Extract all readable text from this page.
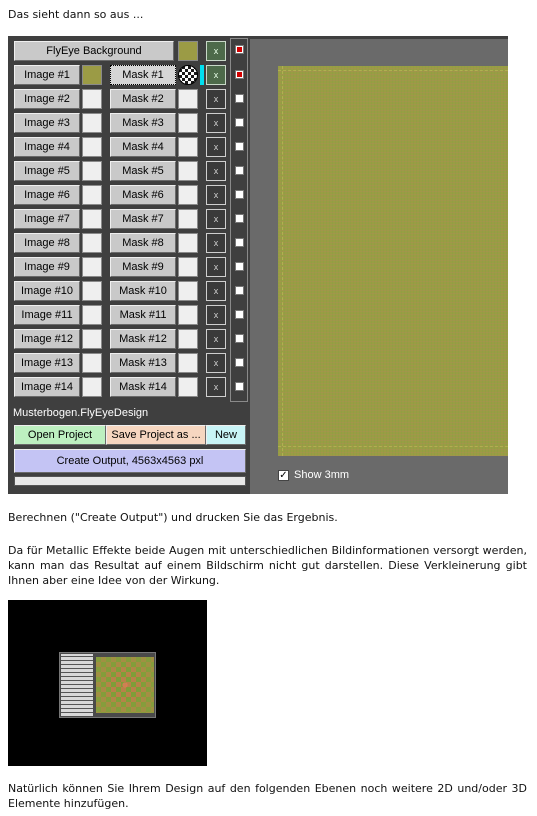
Das sieht dann so aus ...
FlyEye Background	x
Image #1	Mask #1	x
Image #2	Mask #2	x
Image #3	Mask #3	x
Image #4	Mask #4	x
Image #5	Mask #5	x
Image #6	Mask #6	x
Image #7	Mask #7	x
Image #8	Mask #8	x
Image #9	Mask #9	x
Image #10	Mask #10	x
Image #11	Mask #11	x
Image #12	Mask #12	x
Image #13	Mask #13	x
Image #14	Mask #14	x
Musterbogen.FlyEyeDesign
Open Project	Save Project as ...	New
Create Output, 4563x4563 pxl
✓ Show 3mm
Berechnen ("Create Output") und drucken Sie das Ergebnis.
Da für Metallic Effekte beide Augen mit unterschiedlichen Bildinformationen versorgt werden, kann man das Resultat auf einem Bildschirm nicht gut darstellen. Diese Verkleinerung gibt Ihnen aber eine Idee von der Wirkung.
Natürlich können Sie Ihrem Design auf den folgenden Ebenen noch weitere 2D und/oder 3D Elemente hinzufügen.
